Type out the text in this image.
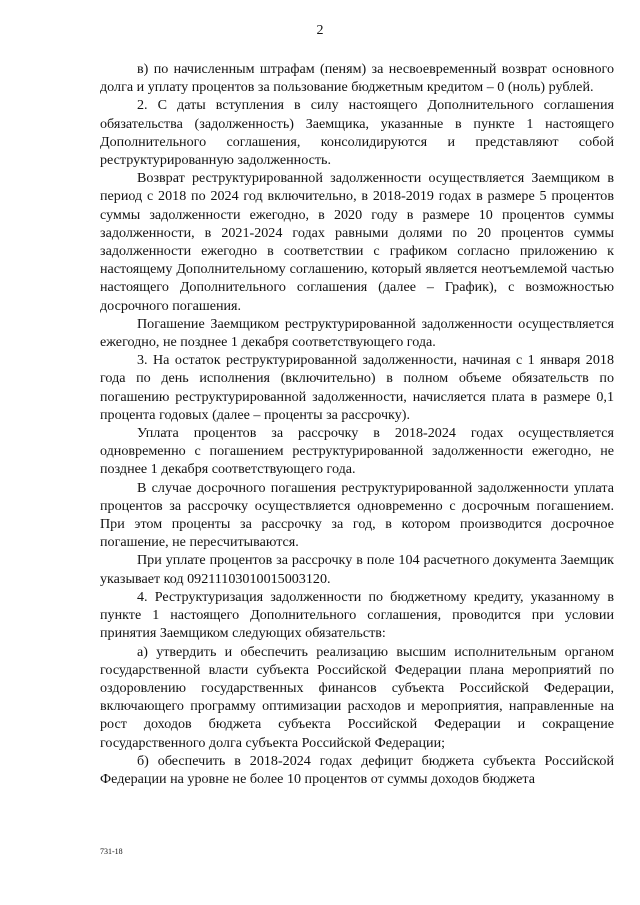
2

в) по начисленным штрафам (пеням) за несвоевременный возврат основного долга и уплату процентов за пользование бюджетным кредитом – 0 (ноль) рублей.

2. С даты вступления в силу настоящего Дополнительного соглашения обязательства (задолженность) Заемщика, указанные в пункте 1 настоящего Дополнительного соглашения, консолидируются и представляют собой реструктурированную задолженность.

Возврат реструктурированной задолженности осуществляется Заемщиком в период с 2018 по 2024 год включительно, в 2018-2019 годах в размере 5 процентов суммы задолженности ежегодно, в 2020 году в размере 10 процентов суммы задолженности, в 2021-2024 годах равными долями по 20 процентов суммы задолженности ежегодно в соответствии с графиком согласно приложению к настоящему Дополнительному соглашению, который является неотъемлемой частью настоящего Дополнительного соглашения (далее – График), с возможностью досрочного погашения.

Погашение Заемщиком реструктурированной задолженности осуществляется ежегодно, не позднее 1 декабря соответствующего года.

3. На остаток реструктурированной задолженности, начиная с 1 января 2018 года по день исполнения (включительно) в полном объеме обязательств по погашению реструктурированной задолженности, начисляется плата в размере 0,1 процента годовых (далее – проценты за рассрочку).

Уплата процентов за рассрочку в 2018-2024 годах осуществляется одновременно с погашением реструктурированной задолженности ежегодно, не позднее 1 декабря соответствующего года.

В случае досрочного погашения реструктурированной задолженности уплата процентов за рассрочку осуществляется одновременно с досрочным погашением. При этом проценты за рассрочку за год, в котором производится досрочное погашение, не пересчитываются.

При уплате процентов за рассрочку в поле 104 расчетного документа Заемщик указывает код 09211103010015003120.

4. Реструктуризация задолженности по бюджетному кредиту, указанному в пункте 1 настоящего Дополнительного соглашения, проводится при условии принятия Заемщиком следующих обязательств:

а) утвердить и обеспечить реализацию высшим исполнительным органом государственной власти субъекта Российской Федерации плана мероприятий по оздоровлению государственных финансов субъекта Российской Федерации, включающего программу оптимизации расходов и мероприятия, направленные на рост доходов бюджета субъекта Российской Федерации и сокращение государственного долга субъекта Российской Федерации;

б) обеспечить в 2018-2024 годах дефицит бюджета субъекта Российской Федерации на уровне не более 10 процентов от суммы доходов бюджета

731-18
